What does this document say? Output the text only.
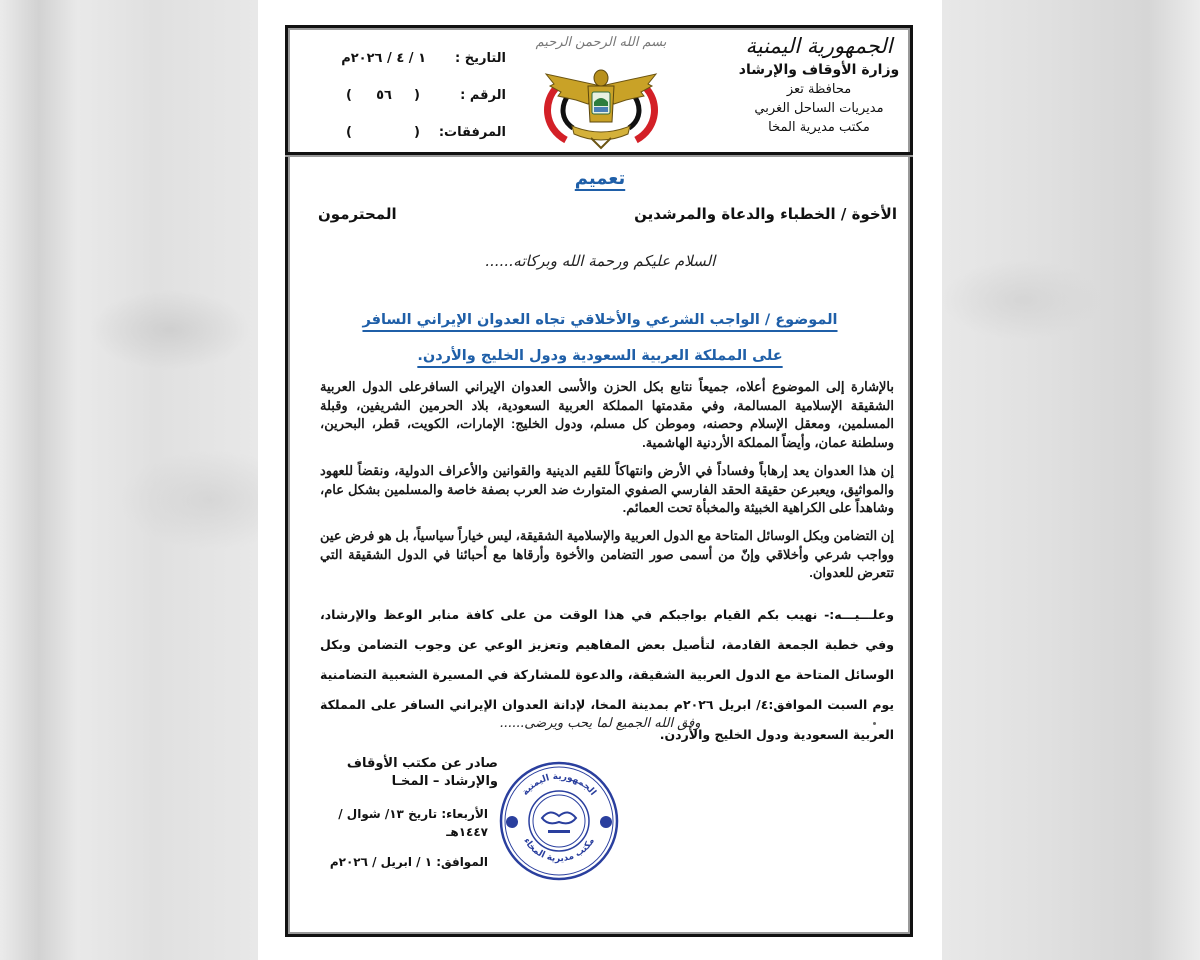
الجمهورية اليمنية
وزارة الأوقاف والإرشاد
محافظة تعز
مديريات الساحل الغربي
مكتب مديرية المخا
بسم الله الرحمن الرحيم
التاريخ :
١ / ٤ / ٢٠٢٦م
الرقم :
(
٥٦
)
المرفقات:
(
)
تعميم
الأخوة / الخطباء والدعاة والمرشدين
المحترمون
السلام عليكم ورحمة الله وبركاته......
الموضوع / الواجب الشرعي والأخلاقي تجاه العدوان الإيراني السافر
على المملكة العربية السعودية ودول الخليج والأردن.
بالإشارة إلى الموضوع أعلاه، جميعاً نتابع بكل الحزن والأسى العدوان الإيراني السافرعلى الدول العربية الشقيقة الإسلامية المسالمة، وفي مقدمتها المملكة العربية السعودية، بلاد الحرمين الشريفين، وقبلة المسلمين، ومعقل الإسلام وحصنه، وموطن كل مسلم، ودول الخليج: الإمارات، الكويت، قطر، البحرين، وسلطنة عمان، وأيضاً المملكة الأردنية الهاشمية.
إن هذا العدوان يعد إرهاباً وفساداً في الأرض وانتهاكاً للقيم الدينية والقوانين والأعراف الدولية، ونقضاً للعهود والمواثيق، ويعبرعن حقيقة الحقد الفارسي الصفوي المتوارث ضد العرب بصفة خاصة والمسلمين بشكل عام، وشاهداً على الكراهية الخبيثة والمخبأة تحت العمائم.
إن التضامن وبكل الوسائل المتاحة مع الدول العربية والإسلامية الشقيقة، ليس خياراً سياسياً، بل هو فرض عين وواجب شرعي وأخلاقي وإنّ من أسمى صور التضامن والأخوة وأرقاها مع أحبائنا في الدول الشقيقة التي تتعرض للعدوان.
وعلـــيـــه:- نهيب بكم القيام بواجبكم في هذا الوقت من على كافة منابر الوعظ والإرشاد، وفي خطبة الجمعة القادمة، لتأصيل بعض المفاهيم وتعزيز الوعي عن وجوب التضامن وبكل الوسائل المتاحة مع الدول العربية الشقيقة، والدعوة للمشاركة في المسيرة الشعبية التضامنية يوم السبت الموافق:٤/ ابريل ٢٠٢٦م بمدينة المخا، لإدانة العدوان الإيراني السافر على المملكة العربية السعودية ودول الخليج والأردن.
وفق الله الجميع لما يحب ويرضى......
صادر عن مكتب الأوقاف والإرشاد – المخـا
الأربعاء: تاريخ ١٣/ شوال /١٤٤٧هـ
الموافق: ١ / ابريل / ٢٠٢٦م
الجمهورية اليمنية
مكتب مديرية المخاء
